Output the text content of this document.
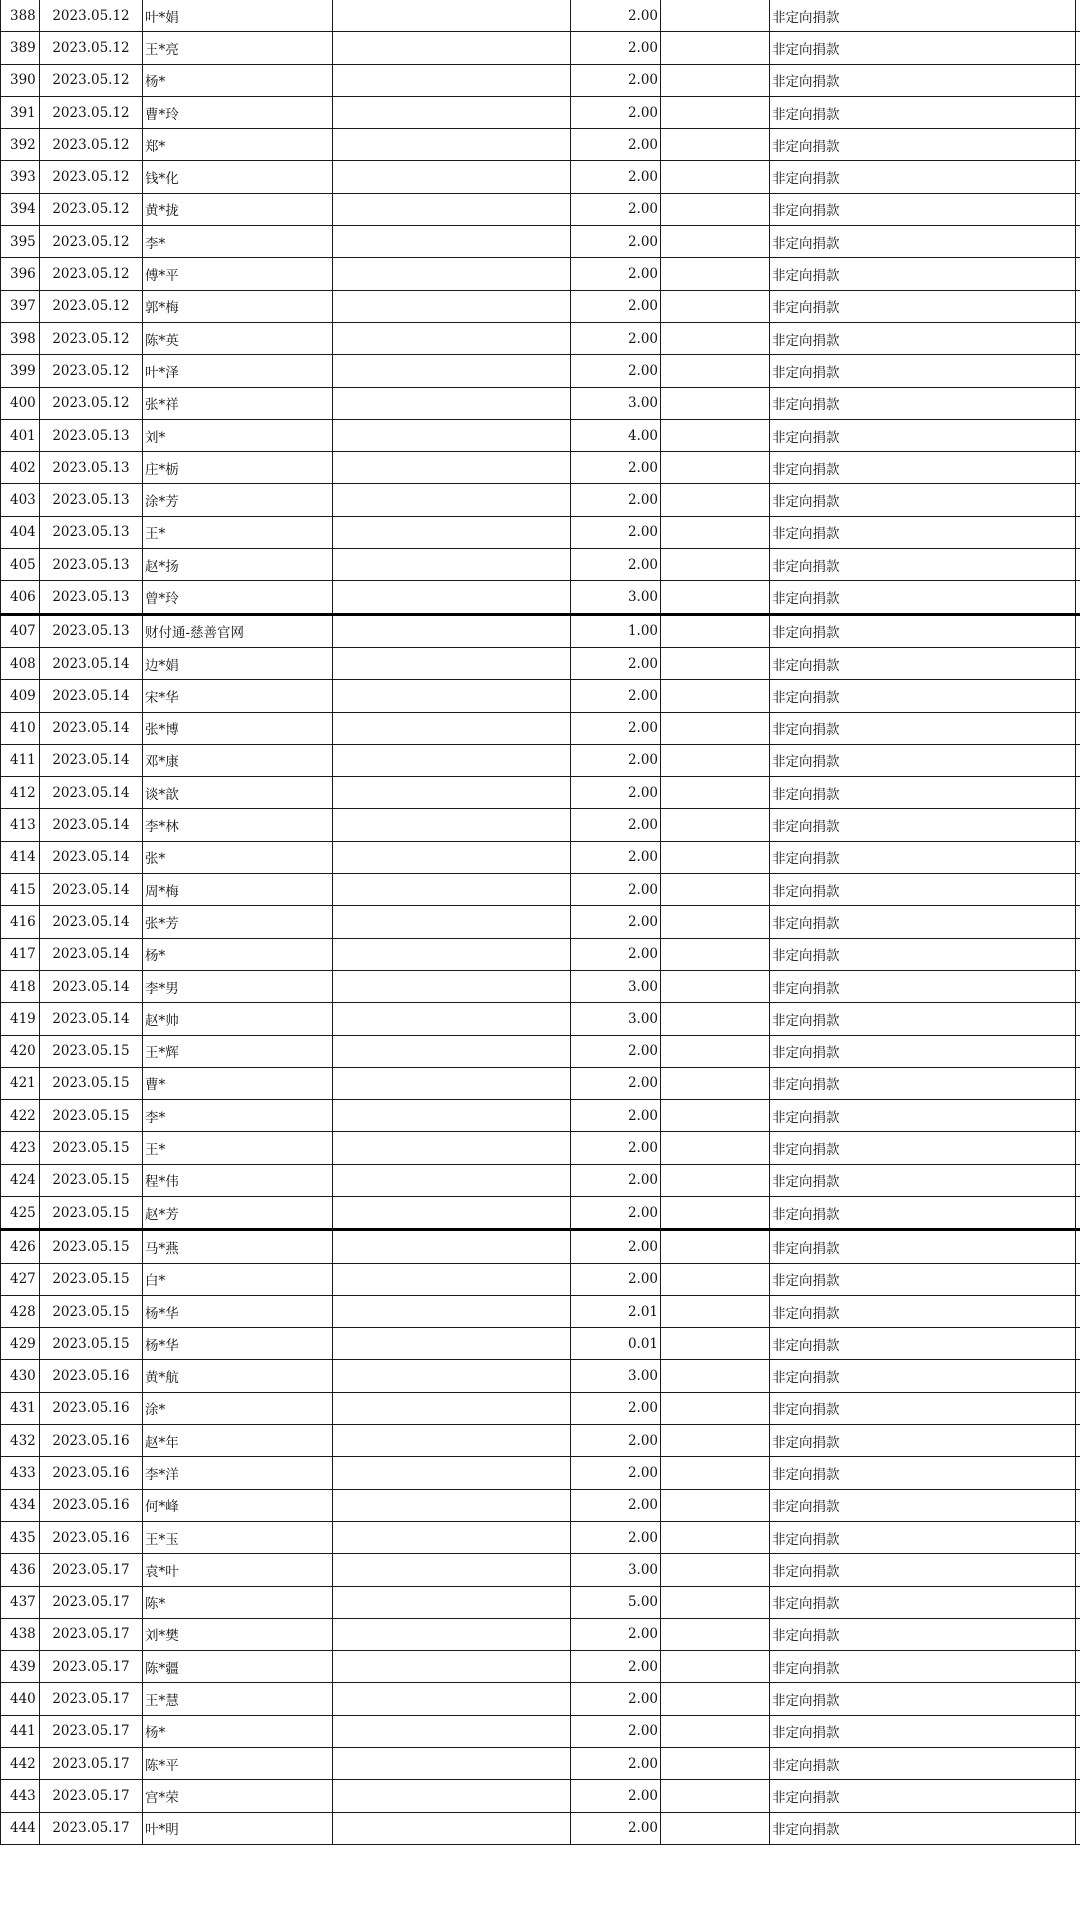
388	2023.05.12	叶*娟		2.00		非定向捐款	
389	2023.05.12	王*亮		2.00		非定向捐款	
390	2023.05.12	杨*		2.00		非定向捐款	
391	2023.05.12	曹*玲		2.00		非定向捐款	
392	2023.05.12	郑*		2.00		非定向捐款	
393	2023.05.12	钱*化		2.00		非定向捐款	
394	2023.05.12	黄*拢		2.00		非定向捐款	
395	2023.05.12	李*		2.00		非定向捐款	
396	2023.05.12	傅*平		2.00		非定向捐款	
397	2023.05.12	郭*梅		2.00		非定向捐款	
398	2023.05.12	陈*英		2.00		非定向捐款	
399	2023.05.12	叶*泽		2.00		非定向捐款	
400	2023.05.12	张*祥		3.00		非定向捐款	
401	2023.05.13	刘*		4.00		非定向捐款	
402	2023.05.13	庄*栃		2.00		非定向捐款	
403	2023.05.13	涂*芳		2.00		非定向捐款	
404	2023.05.13	王*		2.00		非定向捐款	
405	2023.05.13	赵*扬		2.00		非定向捐款	
406	2023.05.13	曾*玲		3.00		非定向捐款	
407	2023.05.13	财付通-慈善官网		1.00		非定向捐款	
408	2023.05.14	边*娟		2.00		非定向捐款	
409	2023.05.14	宋*华		2.00		非定向捐款	
410	2023.05.14	张*博		2.00		非定向捐款	
411	2023.05.14	邓*康		2.00		非定向捐款	
412	2023.05.14	谈*歆		2.00		非定向捐款	
413	2023.05.14	李*林		2.00		非定向捐款	
414	2023.05.14	张*		2.00		非定向捐款	
415	2023.05.14	周*梅		2.00		非定向捐款	
416	2023.05.14	张*芳		2.00		非定向捐款	
417	2023.05.14	杨*		2.00		非定向捐款	
418	2023.05.14	李*男		3.00		非定向捐款	
419	2023.05.14	赵*帅		3.00		非定向捐款	
420	2023.05.15	王*辉		2.00		非定向捐款	
421	2023.05.15	曹*		2.00		非定向捐款	
422	2023.05.15	李*		2.00		非定向捐款	
423	2023.05.15	王*		2.00		非定向捐款	
424	2023.05.15	程*伟		2.00		非定向捐款	
425	2023.05.15	赵*芳		2.00		非定向捐款	
426	2023.05.15	马*燕		2.00		非定向捐款	
427	2023.05.15	白*		2.00		非定向捐款	
428	2023.05.15	杨*华		2.01		非定向捐款	
429	2023.05.15	杨*华		0.01		非定向捐款	
430	2023.05.16	黄*航		3.00		非定向捐款	
431	2023.05.16	涂*		2.00		非定向捐款	
432	2023.05.16	赵*年		2.00		非定向捐款	
433	2023.05.16	李*洋		2.00		非定向捐款	
434	2023.05.16	何*峰		2.00		非定向捐款	
435	2023.05.16	王*玉		2.00		非定向捐款	
436	2023.05.17	袁*叶		3.00		非定向捐款	
437	2023.05.17	陈*		5.00		非定向捐款	
438	2023.05.17	刘*樊		2.00		非定向捐款	
439	2023.05.17	陈*疆		2.00		非定向捐款	
440	2023.05.17	王*慧		2.00		非定向捐款	
441	2023.05.17	杨*		2.00		非定向捐款	
442	2023.05.17	陈*平		2.00		非定向捐款	
443	2023.05.17	宫*荣		2.00		非定向捐款	
444	2023.05.17	叶*明		2.00		非定向捐款	
